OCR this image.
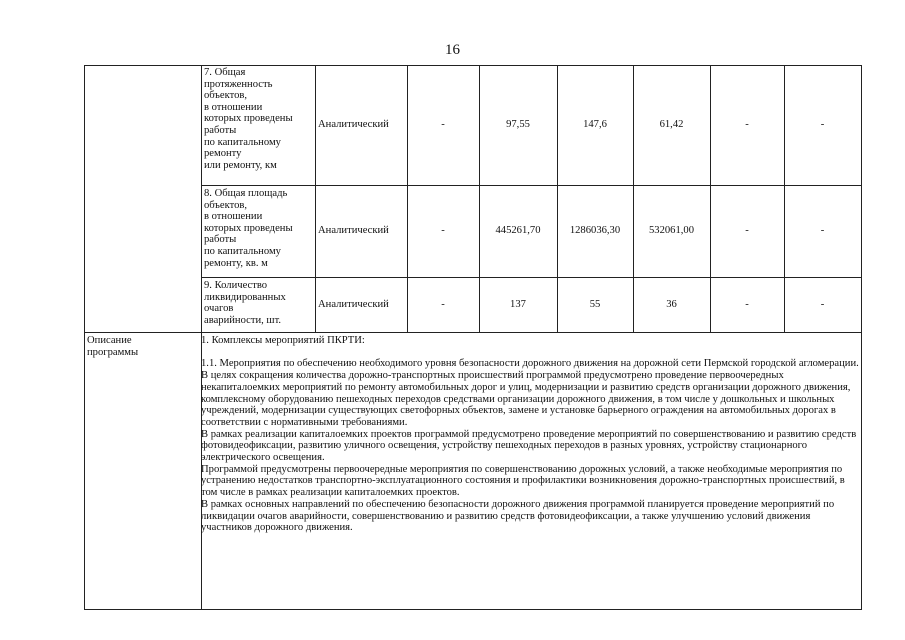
16
7. Общая
протяженность
объектов,
в отношении
которых проведены
работы
по капитальному
ремонту
или ремонту, км
Аналитический	-	97,55	147,6	61,42	-	-
8. Общая площадь
объектов,
в отношении
которых проведены
работы
по капитальному
ремонту, кв. м
Аналитический	-	445261,70	1286036,30	532061,00	-	-
9. Количество
ликвидированных
очагов
аварийности, шт.
Аналитический	-	137	55	36	-	-
Описание
программы

1. Комплексы мероприятий ПКРТИ:

1.1. Мероприятия по обеспечению необходимого уровня безопасности дорожного движения на дорожной сети Пермской городской агломерации.

В целях сокращения количества дорожно-транспортных происшествий программой предусмотрено проведение первоочередных некапиталоемких мероприятий по ремонту автомобильных дорог и улиц, модернизации и развитию средств организации дорожного движения, комплексному оборудованию пешеходных переходов средствами организации дорожного движения, в том числе у дошкольных и школьных учреждений, модернизации существующих светофорных объектов, замене и установке барьерного ограждения на автомобильных дорогах в соответствии с нормативными требованиями.

В рамках реализации капиталоемких проектов программой предусмотрено проведение мероприятий по совершенствованию и развитию средств фотовидеофиксации, развитию уличного освещения, устройству пешеходных переходов в разных уровнях, устройству стационарного электрического освещения.

Программой предусмотрены первоочередные мероприятия по совершенствованию дорожных условий, а также необходимые мероприятия по устранению недостатков транспортно-эксплуатационного состояния и профилактики возникновения дорожно-транспортных происшествий, в том числе в рамках реализации капиталоемких проектов.

В рамках основных направлений по обеспечению безопасности дорожного движения программой планируется проведение мероприятий по ликвидации очагов аварийности, совершенствованию и развитию средств фотовидеофиксации, а также улучшению условий движения участников дорожного движения.
